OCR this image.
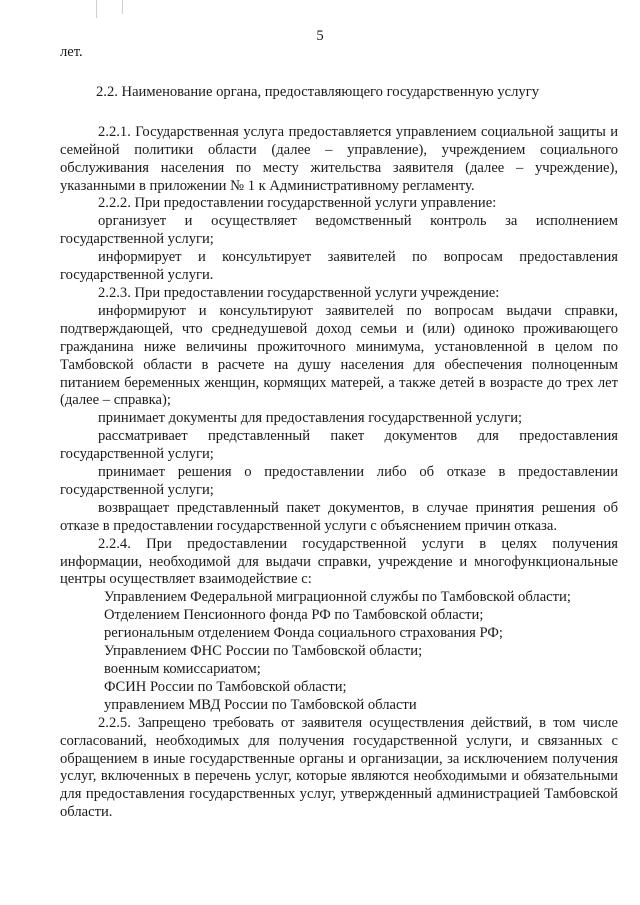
5

лет.

2.2. Наименование органа, предоставляющего государственную услугу

2.2.1. Государственная услуга предоставляется управлением социальной защиты и семейной политики области (далее – управление), учреждением социального обслуживания населения по месту жительства заявителя (далее – учреждение), указанными в приложении № 1 к Административному регламенту.

2.2.2. При предоставлении государственной услуги управление:

организует и осуществляет ведомственный контроль за исполнением государственной услуги;

информирует и консультирует заявителей по вопросам предоставления государственной услуги.

2.2.3. При предоставлении государственной услуги учреждение:

информируют и консультируют заявителей по вопросам выдачи справки, подтверждающей, что среднедушевой доход семьи и (или) одиноко проживающего гражданина ниже величины прожиточного минимума, установленной в целом по Тамбовской области в расчете на душу населения для обеспечения полноценным питанием беременных женщин, кормящих матерей, а также детей в возрасте до трех лет (далее – справка);

принимает документы для предоставления государственной услуги;

рассматривает представленный пакет документов для предоставления государственной услуги;

принимает решения о предоставлении либо об отказе в предоставлении государственной услуги;

возвращает представленный пакет документов, в случае принятия решения об отказе в предоставлении государственной услуги с объяснением причин отказа.

2.2.4. При предоставлении государственной услуги в целях получения информации, необходимой для выдачи справки, учреждение и многофункциональные центры осуществляет взаимодействие с:

Управлением Федеральной миграционной службы по Тамбовской области;

Отделением Пенсионного фонда РФ по Тамбовской области;

региональным отделением Фонда социального страхования РФ;

Управлением ФНС России по Тамбовской области;

военным комиссариатом;

ФСИН России по Тамбовской области;

управлением МВД России по Тамбовской области

2.2.5. Запрещено требовать от заявителя осуществления действий, в том числе согласований, необходимых для получения государственной услуги, и связанных с обращением в иные государственные органы и организации, за исключением получения услуг, включенных в перечень услуг, которые являются необходимыми и обязательными для предоставления государственных услуг, утвержденный администрацией Тамбовской области.
